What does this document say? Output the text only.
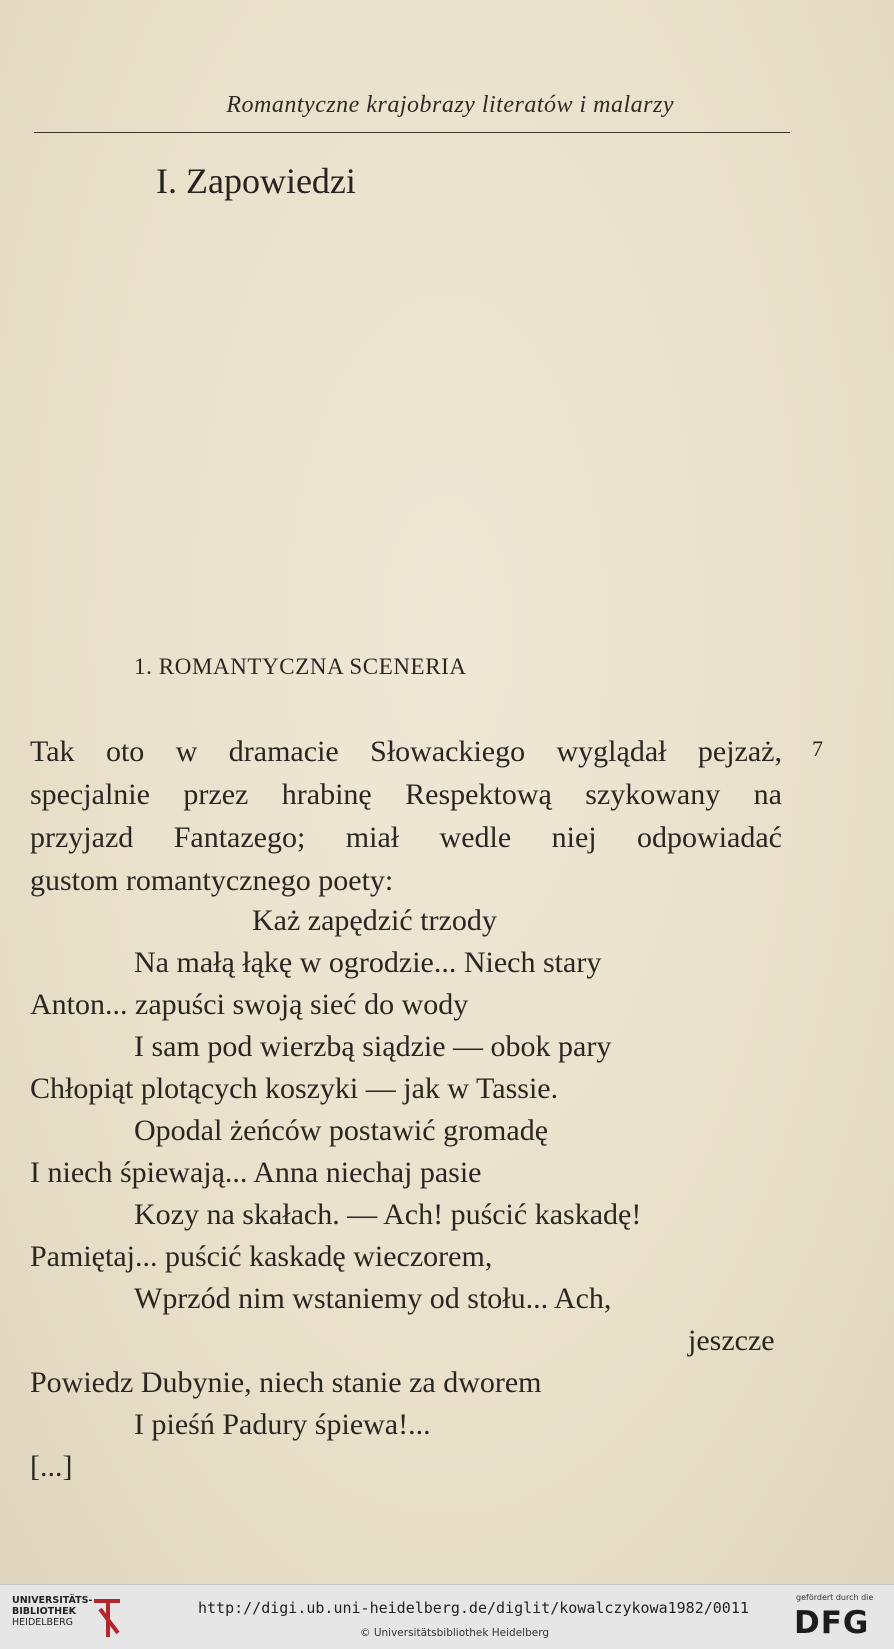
Romantyczne krajobrazy literatów i malarzy
I. Zapowiedzi
1. ROMANTYCZNA SCENERIA
7
Tak oto w dramacie Słowackiego wyglądał pejzaż,
specjalnie przez hrabinę Respektową szykowany na
przyjazd Fantazego; miał wedle niej odpowiadać
gustom romantycznego poety:
Każ zapędzić trzody
Na małą łąkę w ogrodzie... Niech stary
Anton... zapuści swoją sieć do wody
I sam pod wierzbą siądzie — obok pary
Chłopiąt plotących koszyki — jak w Tassie.
Opodal żeńców postawić gromadę
I niech śpiewają... Anna niechaj pasie
Kozy na skałach. — Ach! puścić kaskadę!
Pamiętaj... puścić kaskadę wieczorem,
Wprzód nim wstaniemy od stołu... Ach,
jeszcze
Powiedz Dubynie, niech stanie za dworem
I pieśń Padury śpiewa!...
[...]
UNIVERSITÄTS-
BIBLIOTHEK
HEIDELBERG
http://digi.ub.uni-heidelberg.de/diglit/kowalczykowa1982/0011
© Universitätsbibliothek Heidelberg
gefördert durch die
DFG
